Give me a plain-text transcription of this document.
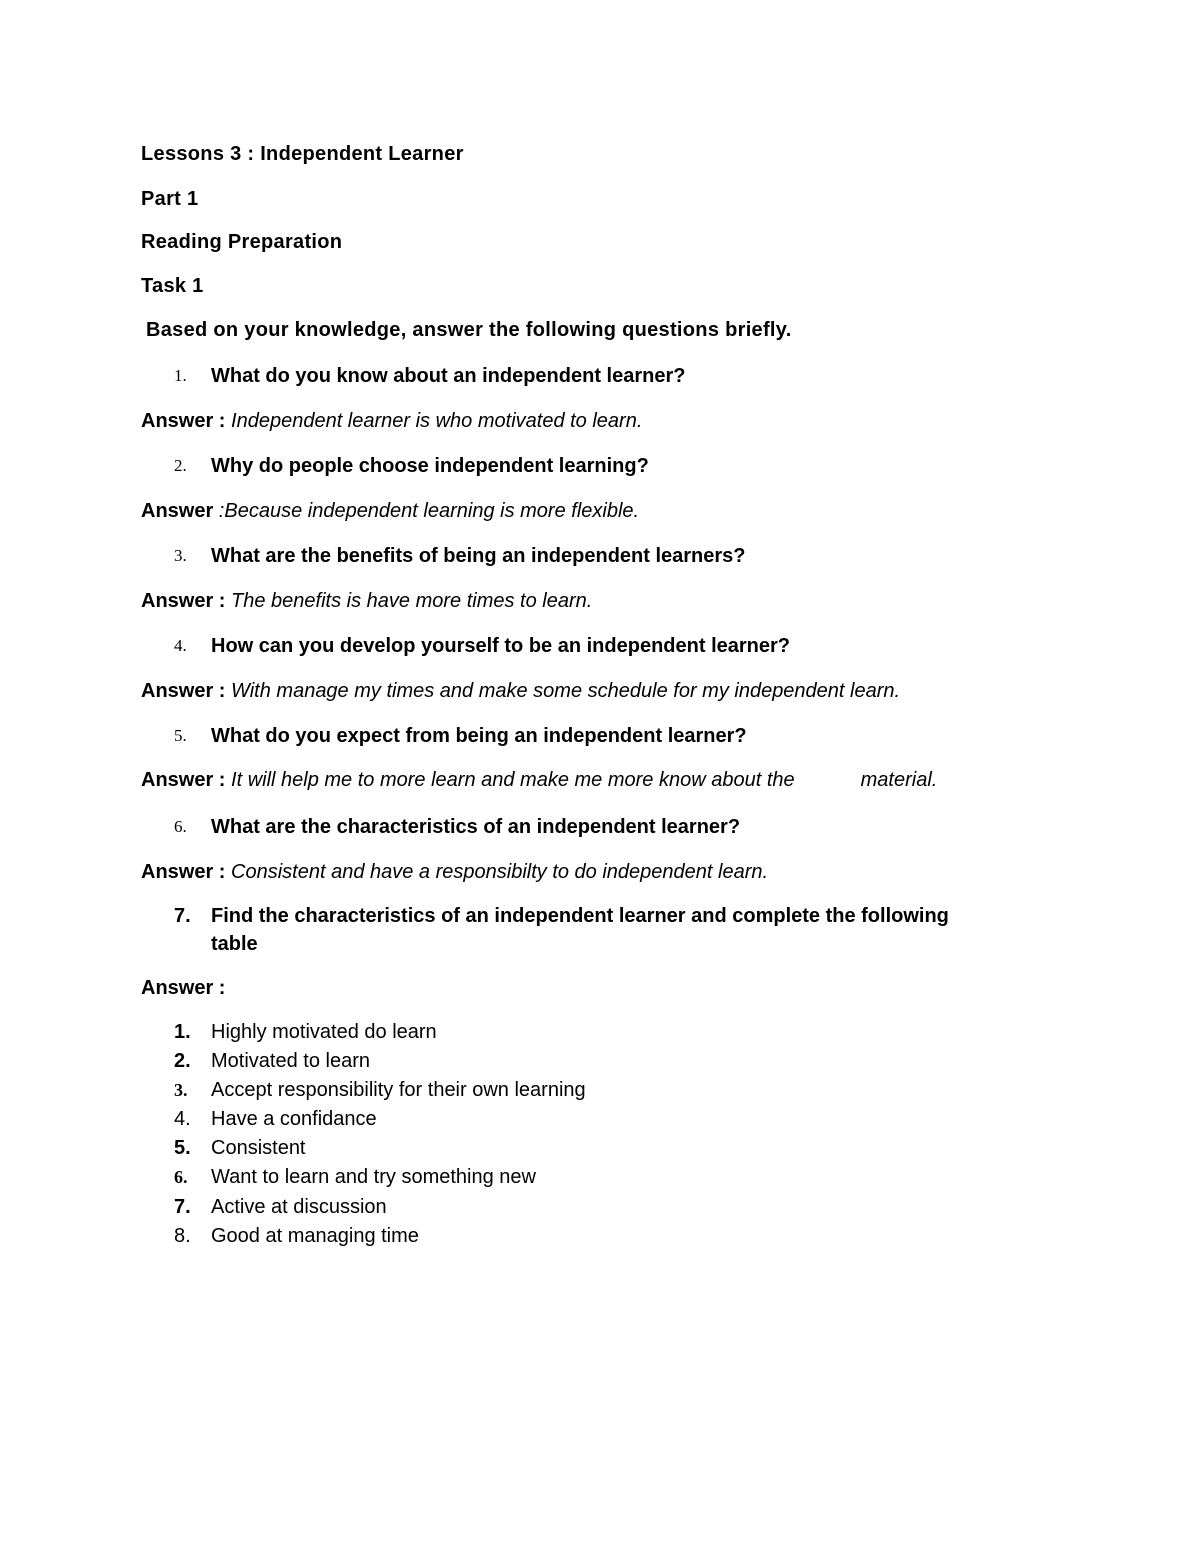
Lessons 3 : Independent Learner
Part 1
Reading Preparation
Task 1
Based on your knowledge, answer the following questions briefly.
1. What do you know about an independent learner?
Answer : Independent learner is who motivated to learn.
2. Why do people choose independent learning?
Answer :Because independent learning is more flexible.
3. What are the benefits of being an independent learners?
Answer : The benefits is have more times to learn.
4. How can you develop yourself to be an independent learner?
Answer : With manage my times and make some schedule for my independent learn.
5. What do you expect from being an independent learner?
Answer : It will help me to more learn and make me more know about the	material.
6. What are the characteristics of an independent learner?
Answer : Consistent and have a responsibilty to do independent learn.
7. Find the characteristics of an independent learner and complete the following
table
Answer :
1. Highly motivated do learn
2. Motivated to learn
3. Accept responsibility for their own learning
4. Have a confidance
5. Consistent
6. Want to learn and try something new
7. Active at discussion
8. Good at managing time
